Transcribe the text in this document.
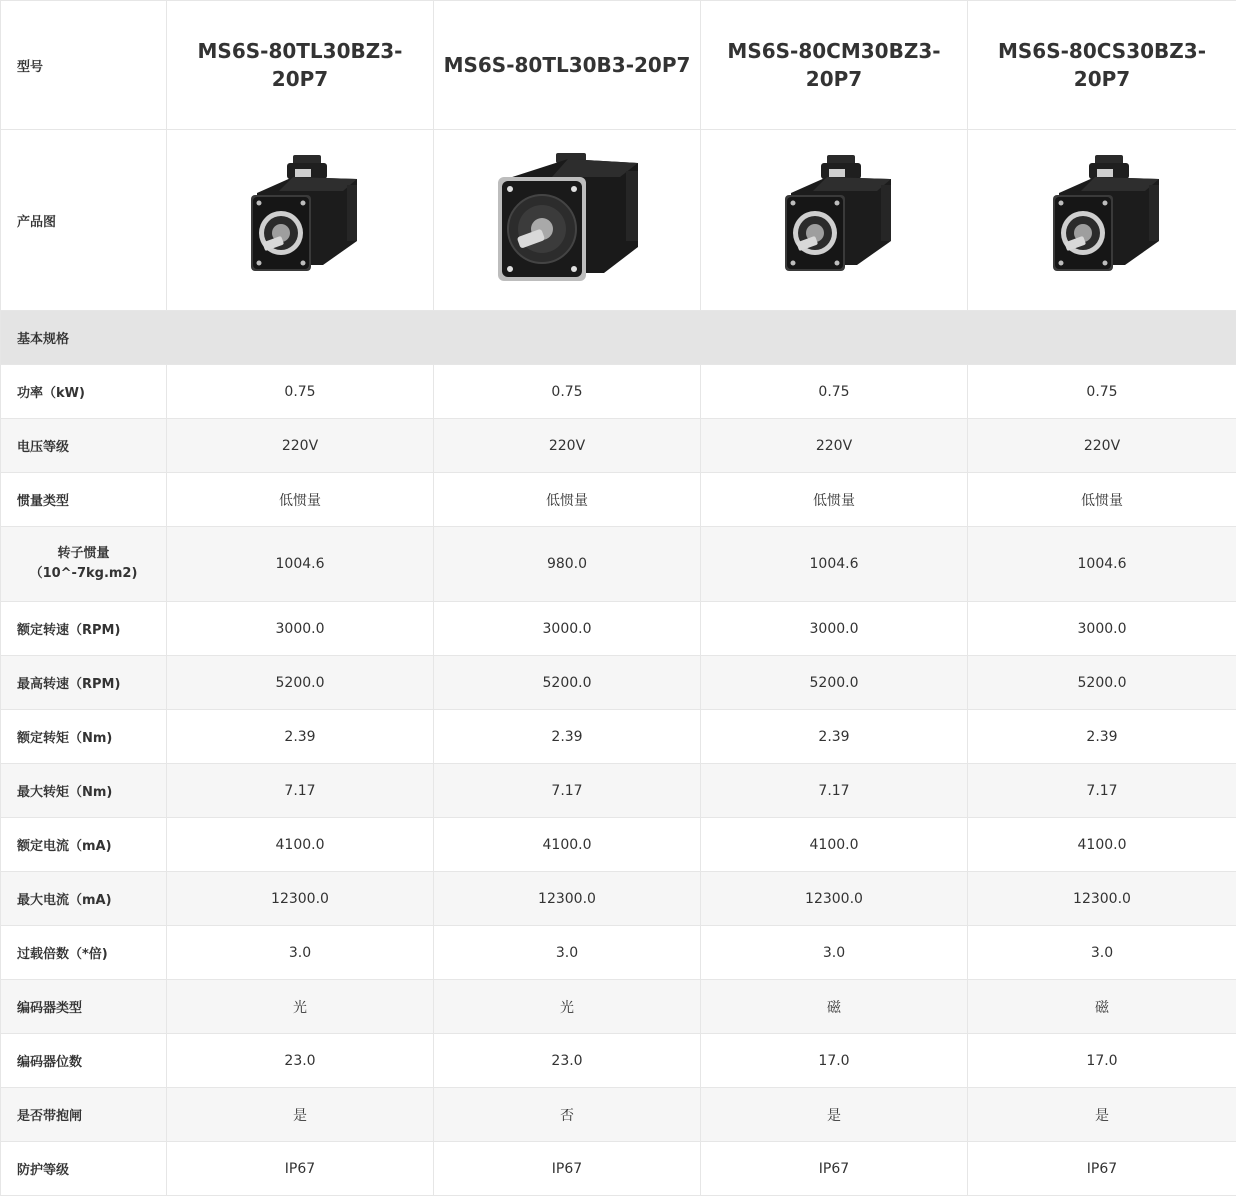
型号	MS6S-80TL30BZ3-20P7	MS6S-80TL30B3-20P7	MS6S-80CM30BZ3-20P7	MS6S-80CS30BZ3-20P7
产品图	

基本规格				
功率（kW)	0.75	0.75	0.75	0.75
电压等级	220V	220V	220V	220V
惯量类型	低惯量	低惯量	低惯量	低惯量
转子惯量（10^-7kg.m2)	1004.6	980.0	1004.6	1004.6
额定转速（RPM)	3000.0	3000.0	3000.0	3000.0
最高转速（RPM)	5200.0	5200.0	5200.0	5200.0
额定转矩（Nm)	2.39	2.39	2.39	2.39
最大转矩（Nm)	7.17	7.17	7.17	7.17
额定电流（mA)	4100.0	4100.0	4100.0	4100.0
最大电流（mA)	12300.0	12300.0	12300.0	12300.0
过载倍数（*倍)	3.0	3.0	3.0	3.0
编码器类型	光	光	磁	磁
编码器位数	23.0	23.0	17.0	17.0
是否带抱闸	是	否	是	是
防护等级	IP67	IP67	IP67	IP67
